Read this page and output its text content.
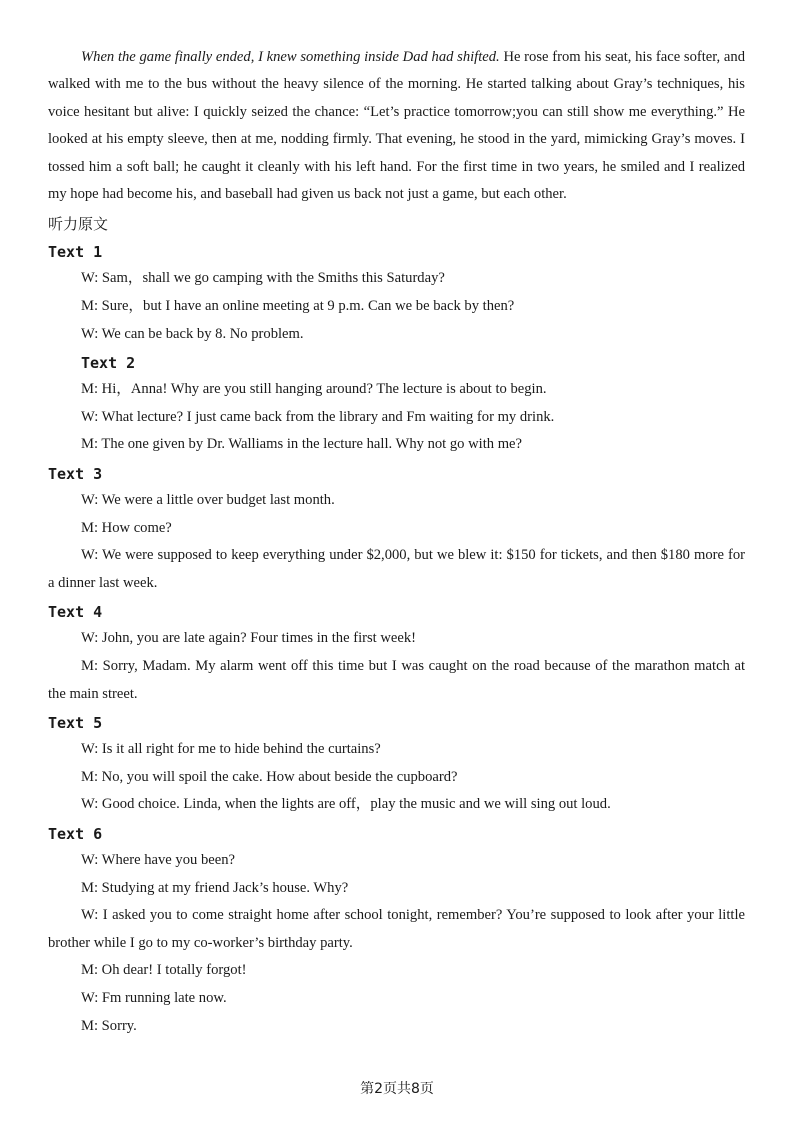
When the game finally ended, I knew something inside Dad had shifted. He rose from his seat, his face softer, and walked with me to the bus without the heavy silence of the morning. He started talking about Gray’s techniques, his voice hesitant but alive: I quickly seized the chance: “Let’s practice tomorrow;you can still show me everything.” He looked at his empty sleeve, then at me, nodding firmly. That evening, he stood in the yard, mimicking Gray’s moves. I tossed him a soft ball; he caught it cleanly with his left hand. For the first time in two years, he smiled and I realized my hope had become his, and baseball had given us back not just a game, but each other.

听力原文
Text 1

W: Sam，shall we go camping with the Smiths this Saturday?

M: Sure，but I have an online meeting at 9 p.m. Can we be back by then?

W: We can be back by 8. No problem.

Text 2

M: Hi，Anna! Why are you still hanging around? The lecture is about to begin.

W: What lecture? I just came back from the library and Fm waiting for my drink.

M: The one given by Dr. Walliams in the lecture hall. Why not go with me?

Text 3

W: We were a little over budget last month.

M: How come?

W: We were supposed to keep everything under $2,000, but we blew it: $150 for tickets, and then $180 more for a dinner last week.

Text 4

W: John, you are late again? Four times in the first week!

M: Sorry, Madam. My alarm went off this time but I was caught on the road because of the marathon match at the main street.

Text 5

W: Is it all right for me to hide behind the curtains?

M: No, you will spoil the cake. How about beside the cupboard?

W: Good choice. Linda, when the lights are off，play the music and we will sing out loud.

Text 6

W: Where have you been?

M: Studying at my friend Jack’s house. Why?

W: I asked you to come straight home after school tonight, remember? You’re supposed to look after your little brother while I go to my co-worker’s birthday party.

M: Oh dear! I totally forgot!

W: Fm running late now.

M: Sorry.

第2页共8页
